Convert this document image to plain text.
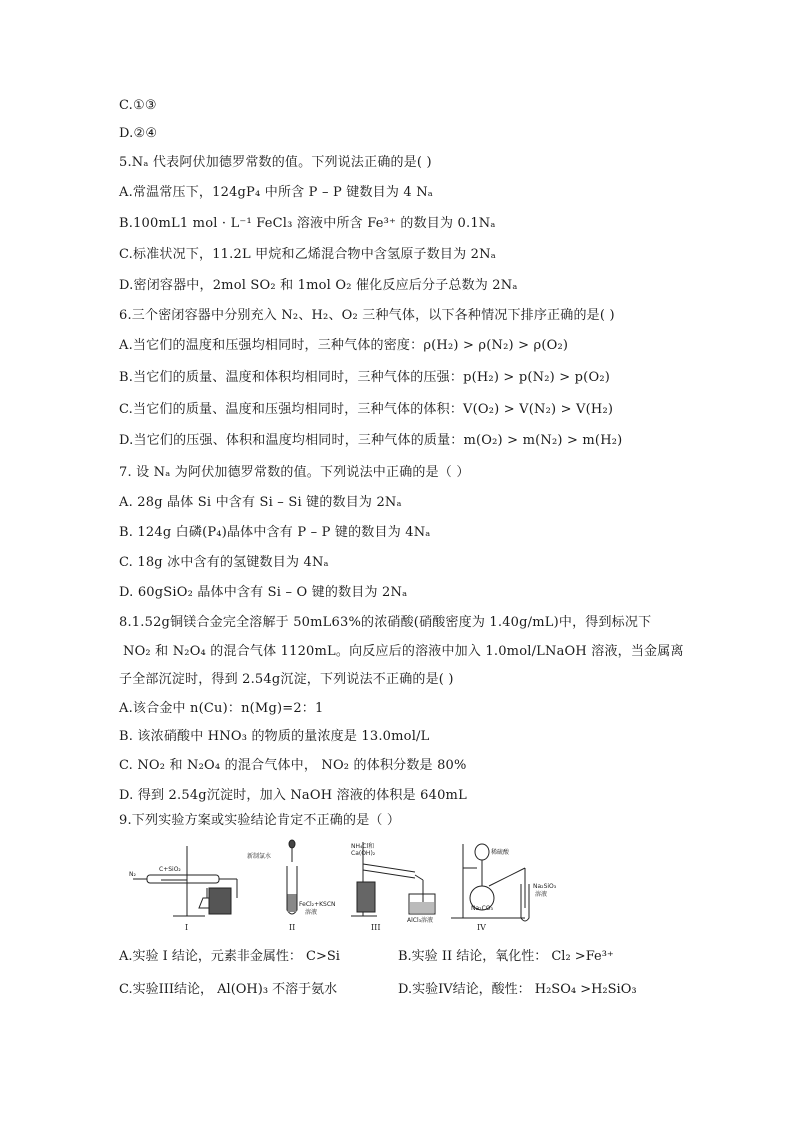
C.①③
D.②④
5.Nₐ 代表阿伏加德罗常数的值。下列说法正确的是( )
A.常温常压下，124gP₄ 中所含 P – P 键数目为 4 Nₐ
B.100mL1 mol · L⁻¹ FeCl₃ 溶液中所含 Fe³⁺ 的数目为 0.1Nₐ
C.标准状况下，11.2L 甲烷和乙烯混合物中含氢原子数目为 2Nₐ
D.密闭容器中，2mol SO₂ 和 1mol O₂ 催化反应后分子总数为 2Nₐ
6.三个密闭容器中分别充入 N₂、H₂、O₂ 三种气体，以下各种情况下排序正确的是( )
A.当它们的温度和压强均相同时，三种气体的密度：ρ(H₂) > ρ(N₂) > ρ(O₂)
B.当它们的质量、温度和体积均相同时，三种气体的压强：p(H₂) > p(N₂) > p(O₂)
C.当它们的质量、温度和压强均相同时，三种气体的体积：V(O₂) > V(N₂) > V(H₂)
D.当它们的压强、体积和温度均相同时，三种气体的质量：m(O₂) > m(N₂) > m(H₂)
7. 设 Nₐ 为阿伏加德罗常数的值。下列说法中正确的是（ ）
A. 28g 晶体 Si 中含有 Si – Si 键的数目为 2Nₐ
B. 124g 白磷(P₄)晶体中含有 P – P 键的数目为 4Nₐ
C. 18g 冰中含有的氢键数目为 4Nₐ
D. 60gSiO₂ 晶体中含有 Si – O 键的数目为 2Nₐ
8.1.52g铜镁合金完全溶解于 50mL63%的浓硝酸(硝酸密度为 1.40g/mL)中，得到标况下
NO₂ 和 N₂O₄ 的混合气体 1120mL。向反应后的溶液中加入 1.0mol/LNaOH 溶液，当金属离
子全部沉淀时，得到 2.54g沉淀，下列说法不正确的是( )
A.该合金中 n(Cu)：n(Mg)=2：1
B. 该浓硝酸中 HNO₃ 的物质的量浓度是 13.0mol/L
C. NO₂ 和 N₂O₄ 的混合气体中， NO₂ 的体积分数是 80%
D. 得到 2.54g沉淀时，加入 NaOH 溶液的体积是 640mL
9.下列实验方案或实验结论肯定不正确的是（ ）
N₂
C+SiO₂
I
新制氯水
FeCl₂+KSCN
溶液
II
NH₄Cl和
Ca(OH)₂
AlCl₃溶液
III
稀硫酸
Na₂CO₃
Na₂SiO₃
溶液
IV
A.实验 I 结论，元素非金属性： C>Si	B.实验 II 结论，氧化性： Cl₂ >Fe³⁺
C.实验III结论， Al(OH)₃ 不溶于氨水	D.实验IV结论，酸性： H₂SO₄ >H₂SiO₃
